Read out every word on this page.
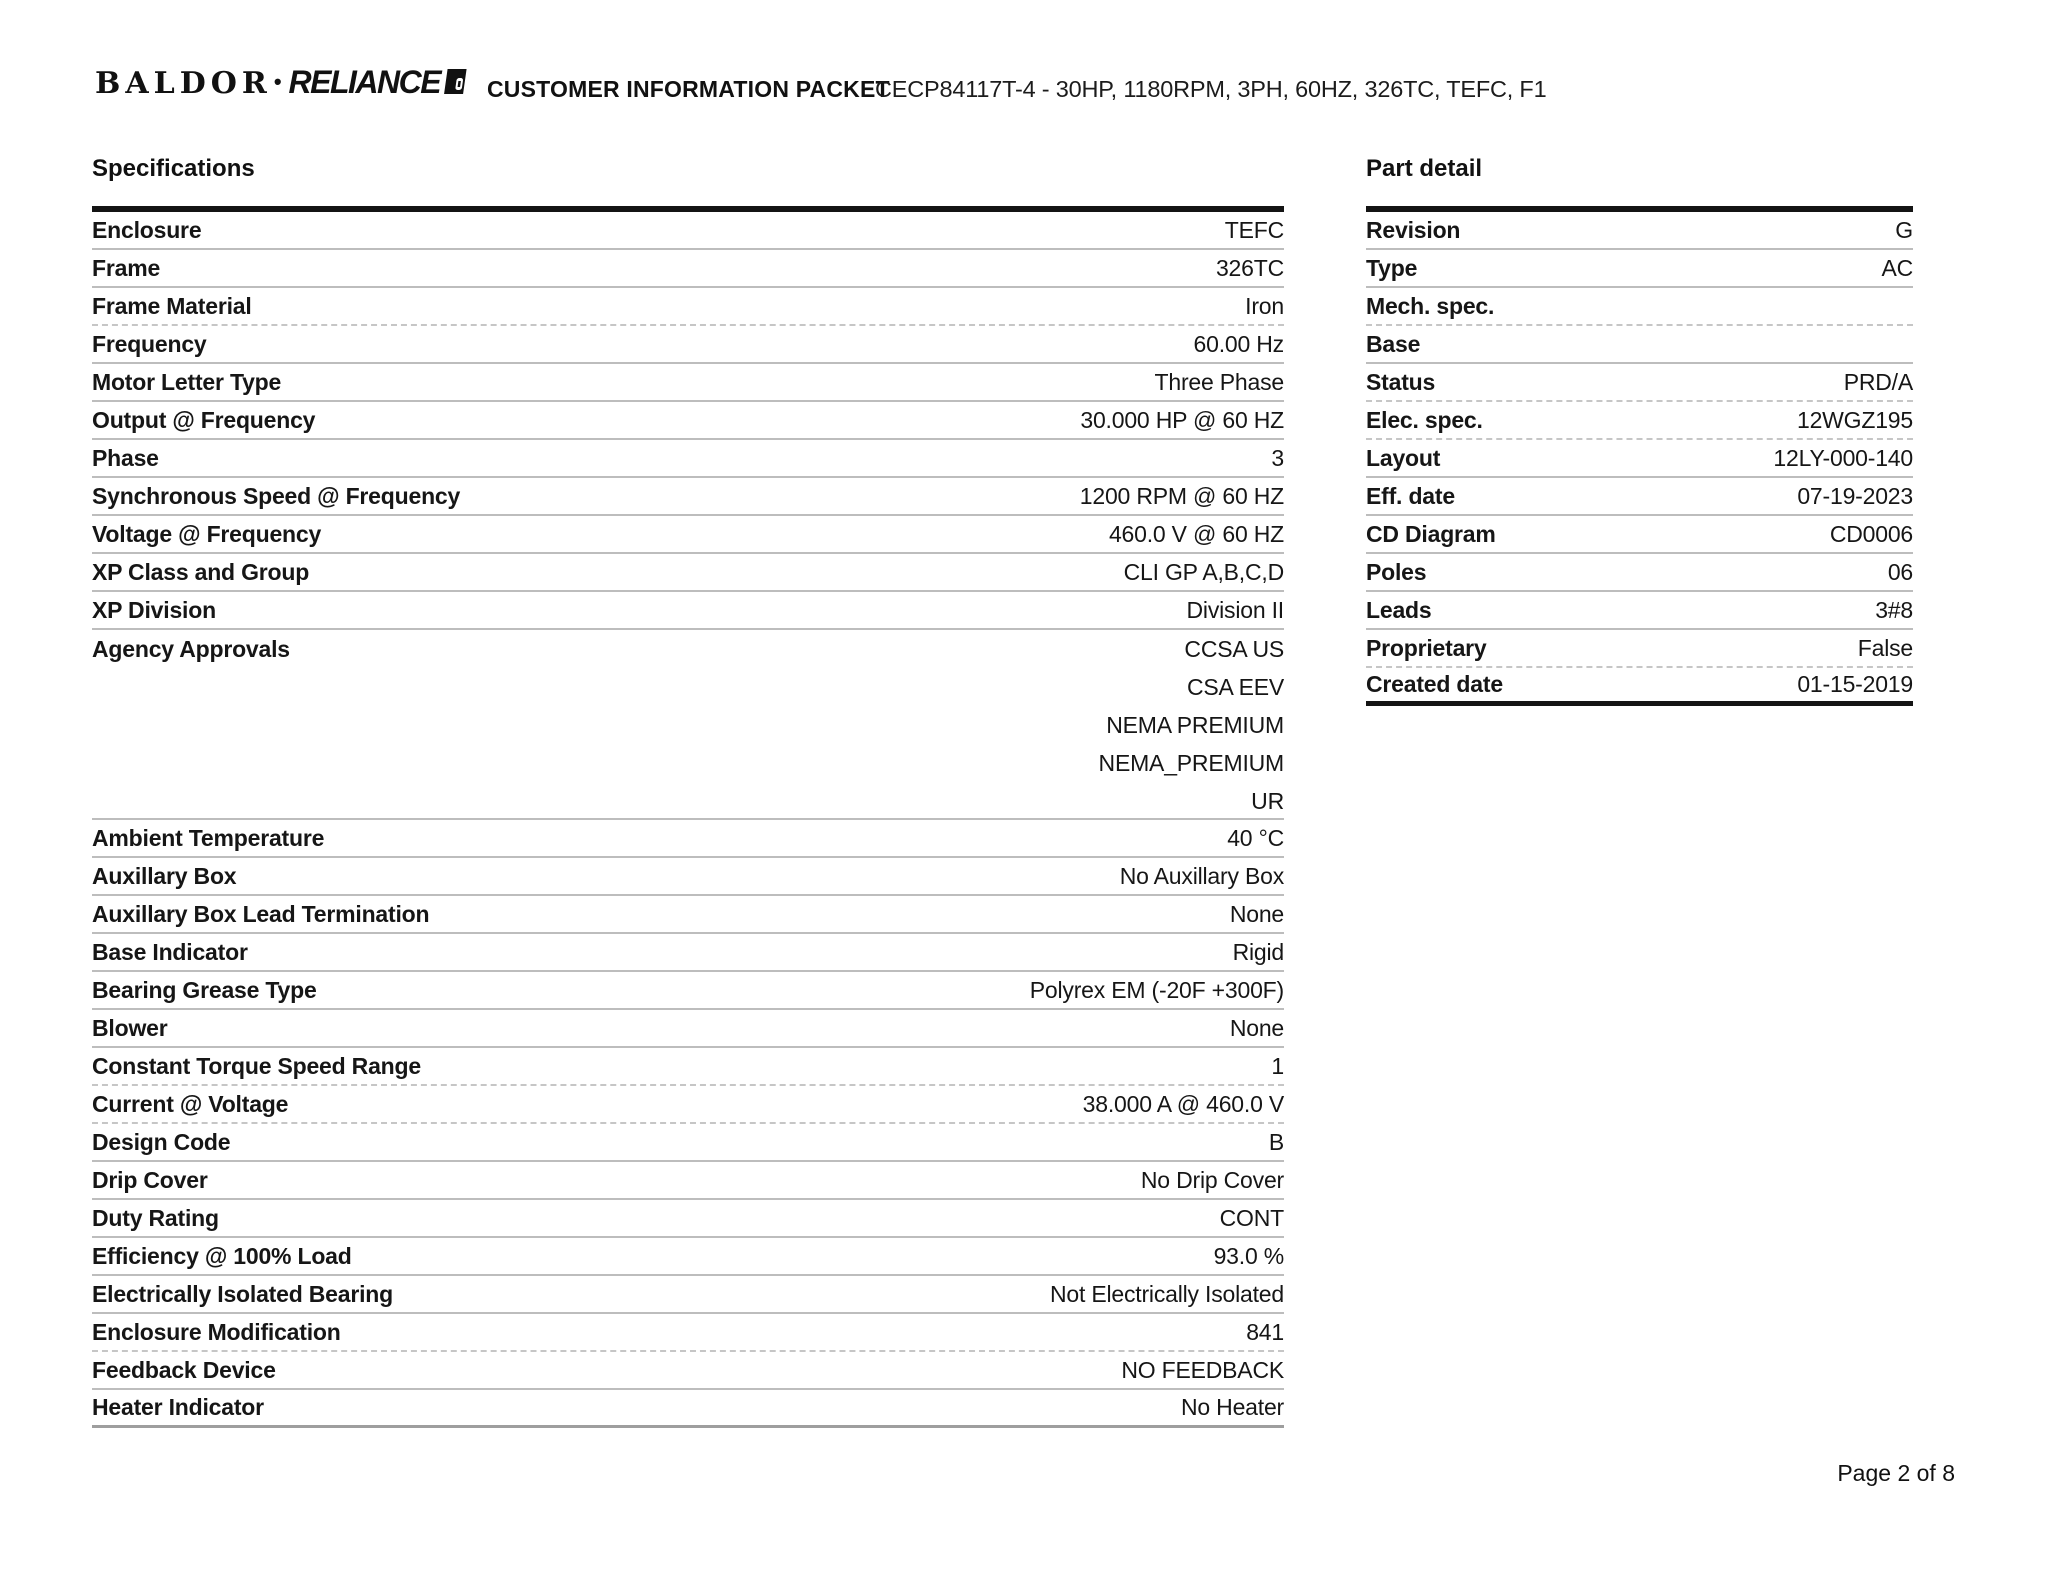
BALDOR• RELIANCE	CUSTOMER INFORMATION PACKET
CECP84117T-4 - 30HP, 1180RPM, 3PH, 60HZ, 326TC, TEFC, F1
Specifications
Enclosure	TEFC
Frame	326TC
Frame Material	Iron
Frequency	60.00 Hz
Motor Letter Type	Three Phase
Output @ Frequency	30.000 HP @ 60 HZ
Phase	3
Synchronous Speed @ Frequency	1200 RPM @ 60 HZ
Voltage @ Frequency	460.0 V @ 60 HZ
XP Class and Group	CLI GP A,B,C,D
XP Division	Division II
Agency Approvals	CCSA US
CSA EEV
NEMA PREMIUM
NEMA_PREMIUM
UR
Ambient Temperature	40 °C
Auxillary Box	No Auxillary Box
Auxillary Box Lead Termination	None
Base Indicator	Rigid
Bearing Grease Type	Polyrex EM (-20F +300F)
Blower	None
Constant Torque Speed Range	1
Current @ Voltage	38.000 A @ 460.0 V
Design Code	B
Drip Cover	No Drip Cover
Duty Rating	CONT
Efficiency @ 100% Load	93.0 %
Electrically Isolated Bearing	Not Electrically Isolated
Enclosure Modification	841
Feedback Device	NO FEEDBACK
Heater Indicator	No Heater
Part detail
Revision	G
Type	AC
Mech. spec.
Base
Status	PRD/A
Elec. spec.	12WGZ195
Layout	12LY-000-140
Eff. date	07-19-2023
CD Diagram	CD0006
Poles	06
Leads	3#8
Proprietary	False
Created date	01-15-2019
Page 2 of 8
